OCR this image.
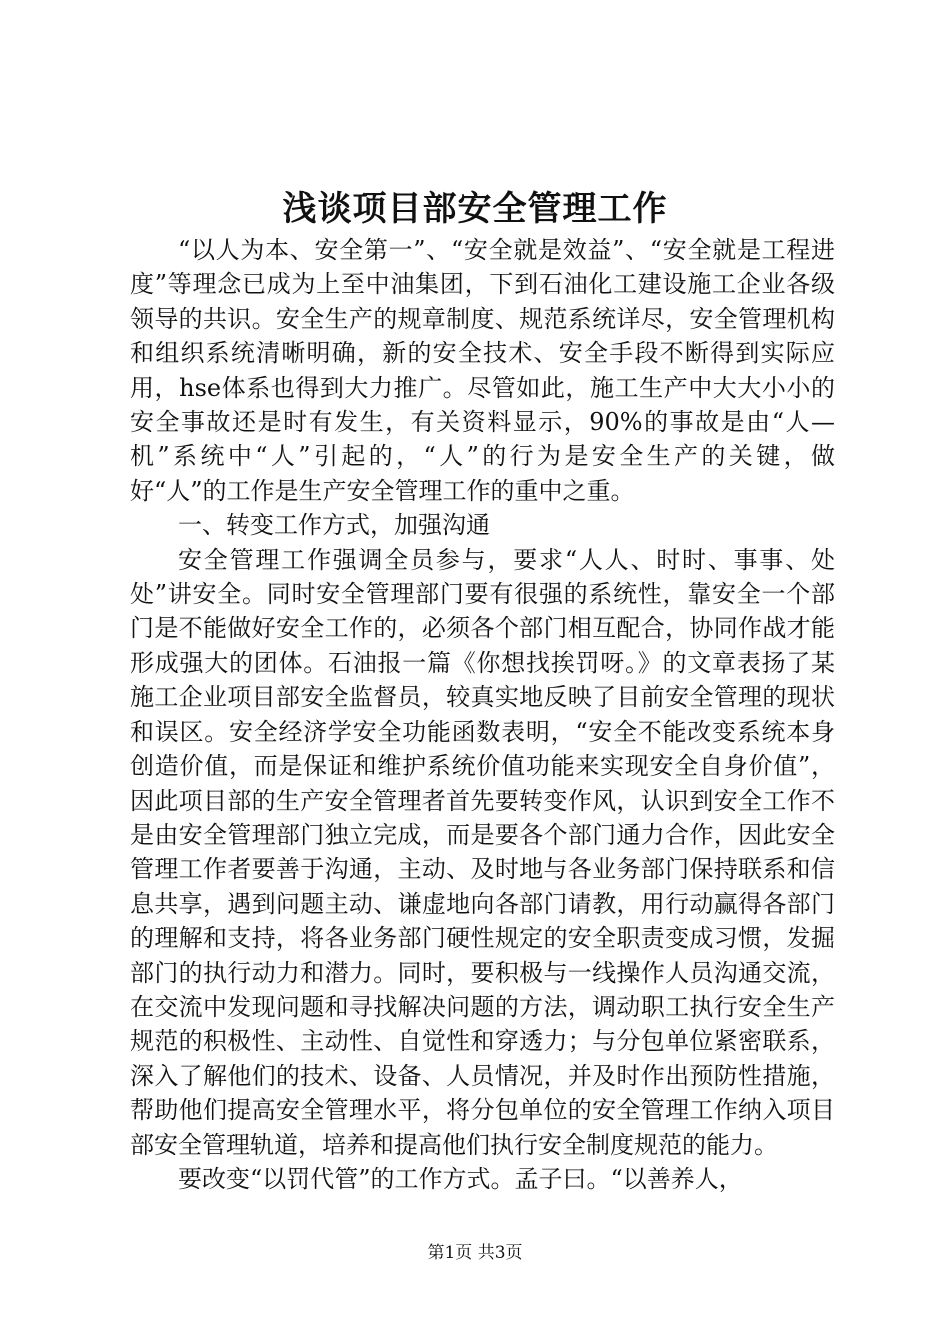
浅谈项目部安全管理工作

“以人为本、安全第一”、“安全就是效益”、“安全就是工程进度”等理念已成为上至中油集团，下到石油化工建设施工企业各级领导的共识。安全生产的规章制度、规范系统详尽，安全管理机构和组织系统清晰明确，新的安全技术、安全手段不断得到实际应用，hse体系也得到大力推广。尽管如此，施工生产中大大小小的安全事故还是时有发生，有关资料显示，90%的事故是由“人—机”系统中“人”引起的，“人”的行为是安全生产的关键，做好“人”的工作是生产安全管理工作的重中之重。

一、转变工作方式，加强沟通

安全管理工作强调全员参与，要求“人人、时时、事事、处处”讲安全。同时安全管理部门要有很强的系统性，靠安全一个部门是不能做好安全工作的，必须各个部门相互配合，协同作战才能形成强大的团体。石油报一篇《你想找挨罚呀。》的文章表扬了某施工企业项目部安全监督员，较真实地反映了目前安全管理的现状和误区。安全经济学安全功能函数表明，“安全不能改变系统本身创造价值，而是保证和维护系统价值功能来实现安全自身价值”，因此项目部的生产安全管理者首先要转变作风，认识到安全工作不是由安全管理部门独立完成，而是要各个部门通力合作，因此安全管理工作者要善于沟通，主动、及时地与各业务部门保持联系和信息共享，遇到问题主动、谦虚地向各部门请教，用行动赢得各部门的理解和支持，将各业务部门硬性规定的安全职责变成习惯，发掘部门的执行动力和潜力。同时，要积极与一线操作人员沟通交流，在交流中发现问题和寻找解决问题的方法，调动职工执行安全生产规范的积极性、主动性、自觉性和穿透力；与分包单位紧密联系，深入了解他们的技术、设备、人员情况，并及时作出预防性措施，帮助他们提高安全管理水平，将分包单位的安全管理工作纳入项目部安全管理轨道，培养和提高他们执行安全制度规范的能力。

要改变“以罚代管”的工作方式。孟子曰。“以善养人，

第1页 共3页
